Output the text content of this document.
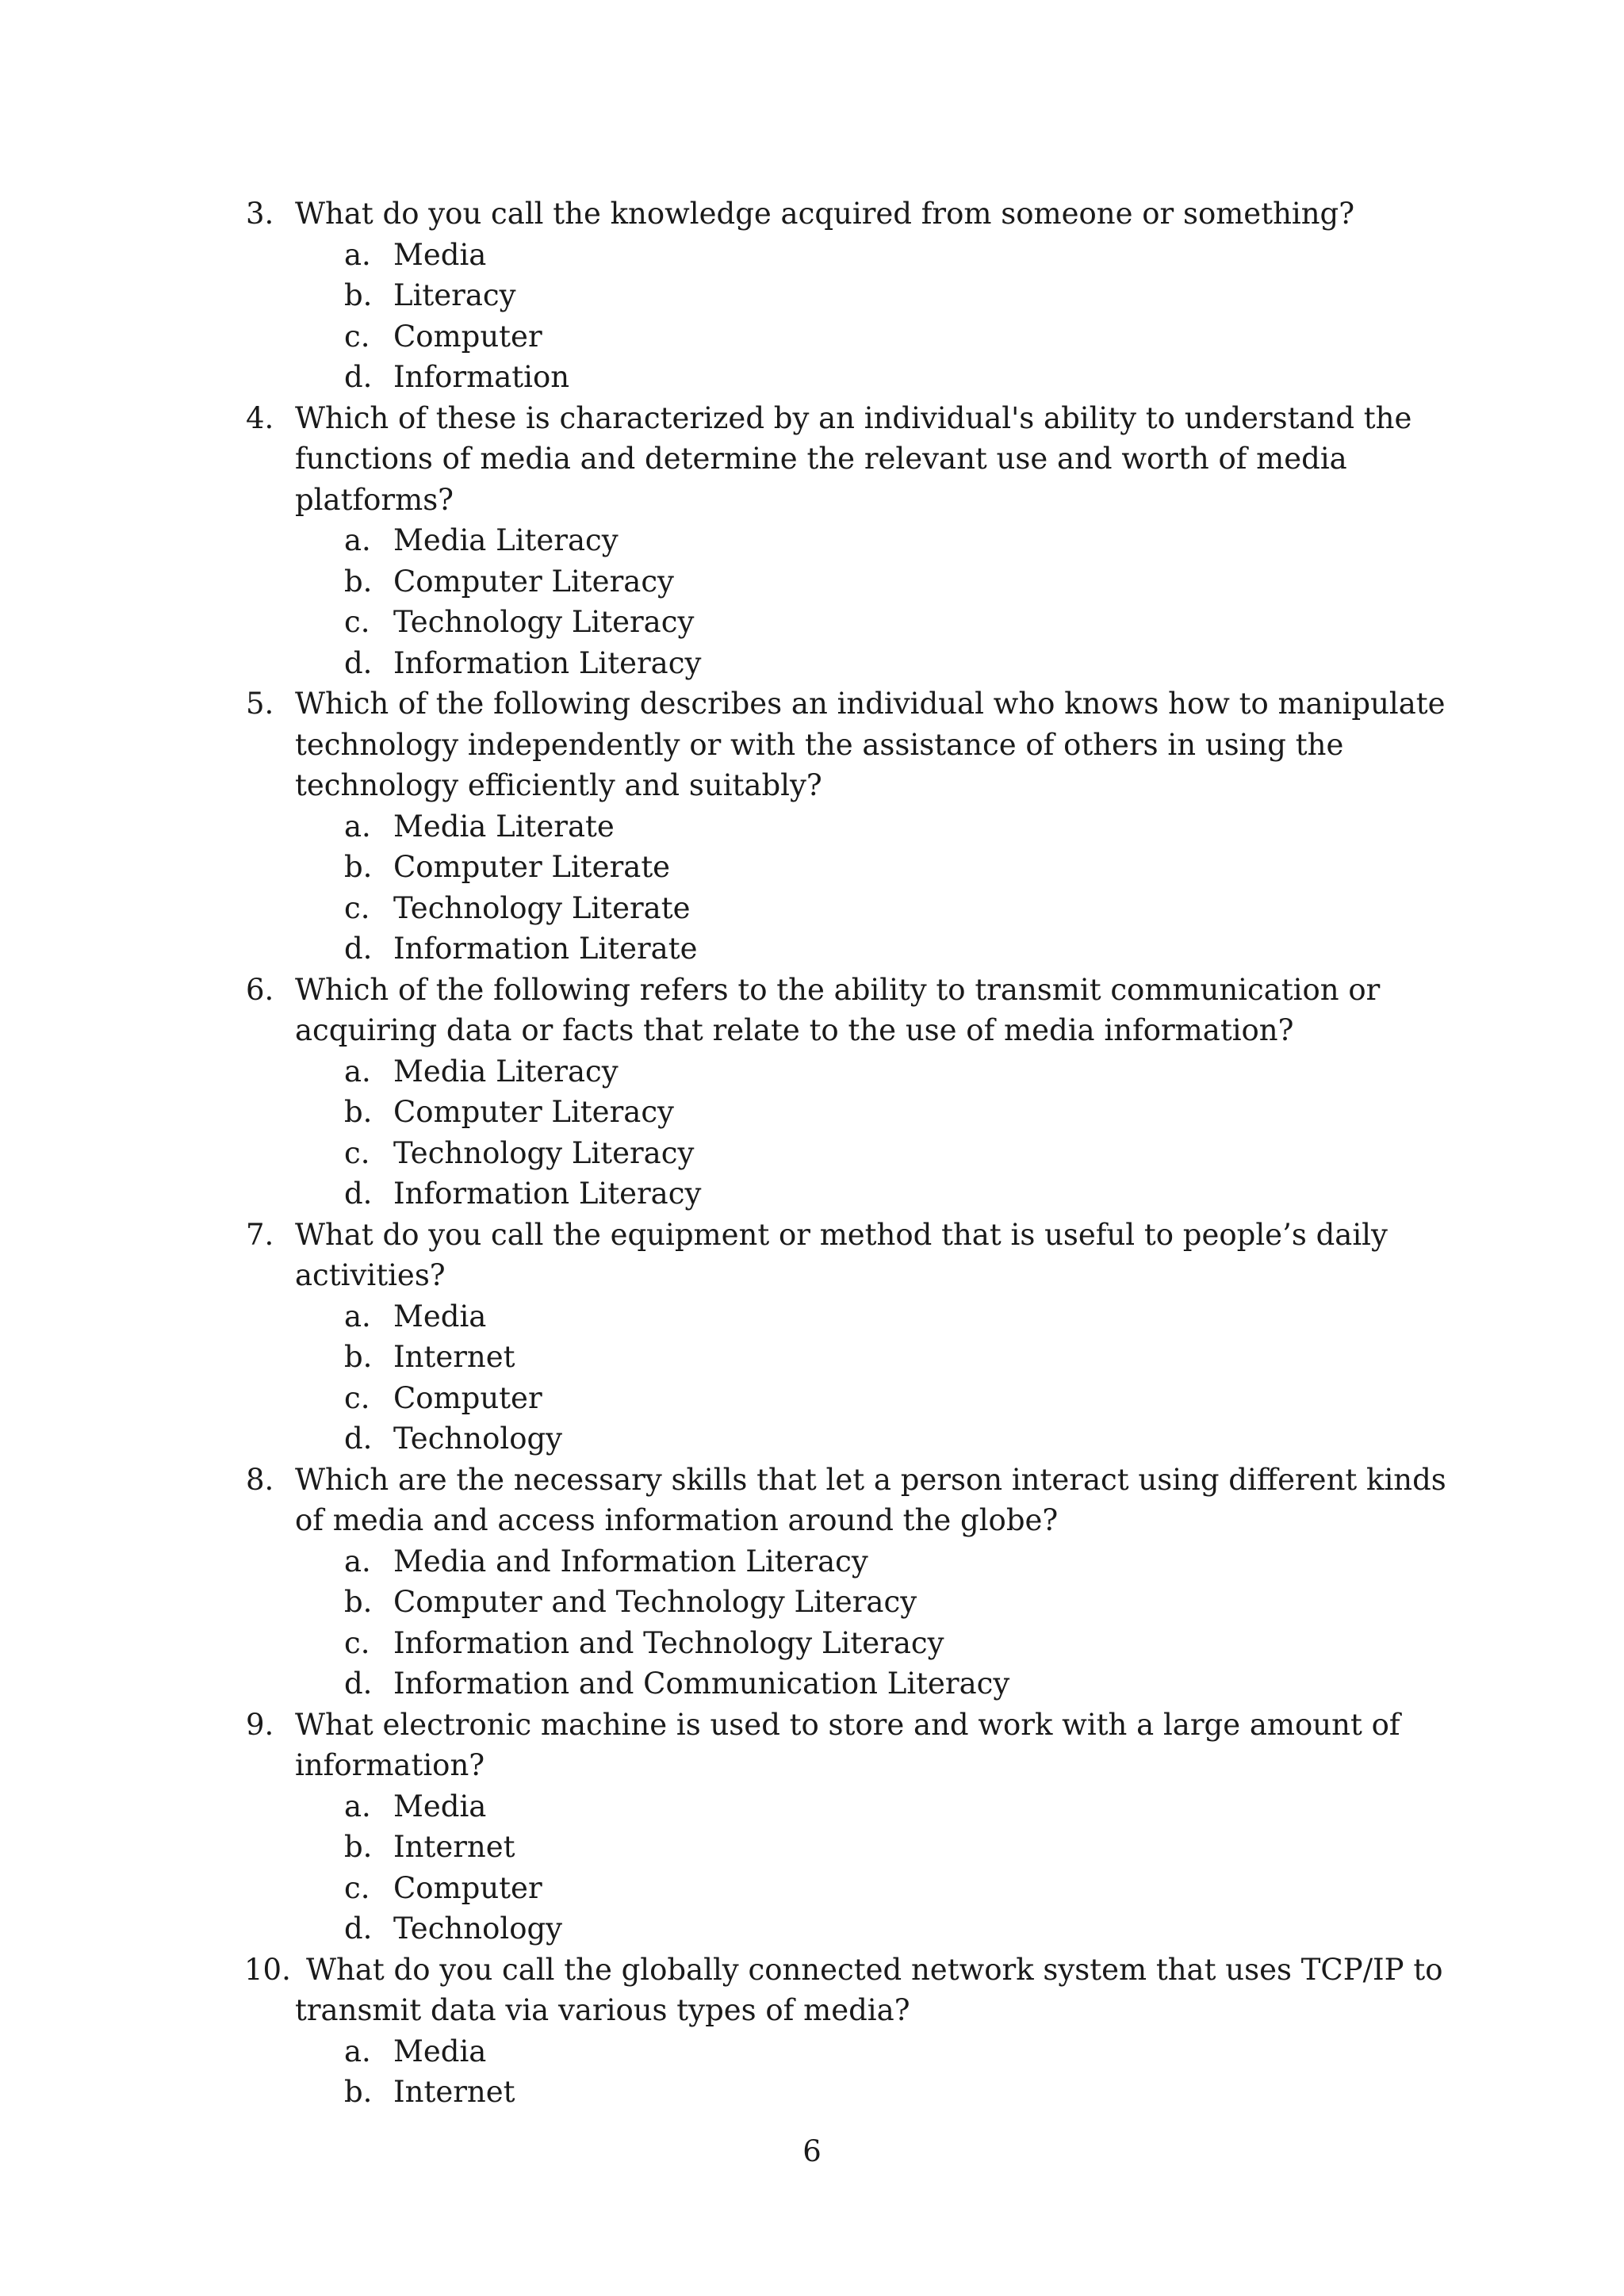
3. What do you call the knowledge acquired from someone or something?
a. Media
b. Literacy
c. Computer
d. Information
4. Which of these is characterized by an individual's ability to understand the functions of media and determine the relevant use and worth of media platforms?
a. Media Literacy
b. Computer Literacy
c. Technology Literacy
d. Information Literacy
5. Which of the following describes an individual who knows how to manipulate technology independently or with the assistance of others in using the technology efficiently and suitably?
a. Media Literate
b. Computer Literate
c. Technology Literate
d. Information Literate
6. Which of the following refers to the ability to transmit communication or acquiring data or facts that relate to the use of media information?
a. Media Literacy
b. Computer Literacy
c. Technology Literacy
d. Information Literacy
7. What do you call the equipment or method that is useful to people’s daily activities?
a. Media
b. Internet
c. Computer
d. Technology
8. Which are the necessary skills that let a person interact using different kinds of media and access information around the globe?
a. Media and Information Literacy
b. Computer and Technology Literacy
c. Information and Technology Literacy
d. Information and Communication Literacy
9. What electronic machine is used to store and work with a large amount of information?
a. Media
b. Internet
c. Computer
d. Technology
10. What do you call the globally connected network system that uses TCP/IP to transmit data via various types of media?
a. Media
b. Internet
6
